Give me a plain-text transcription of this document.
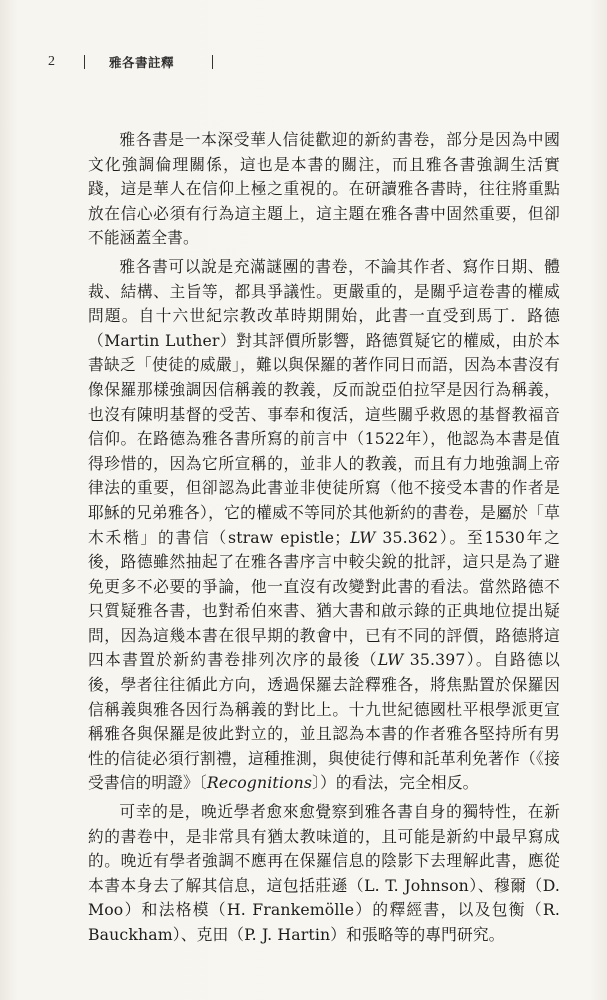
2	雅各書註釋

雅各書是一本深受華人信徒歡迎的新約書卷，部分是因為中國文化強調倫理關係，這也是本書的關注，而且雅各書強調生活實踐，這是華人在信仰上極之重視的。在研讀雅各書時，往往將重點放在信心必須有行為這主題上，這主題在雅各書中固然重要，但卻不能涵蓋全書。

雅各書可以說是充滿謎團的書卷，不論其作者、寫作日期、體裁、結構、主旨等，都具爭議性。更嚴重的，是關乎這卷書的權威問題。自十六世紀宗教改革時期開始，此書一直受到馬丁．路德（Martin Luther）對其評價所影響，路德質疑它的權威，由於本書缺乏「使徒的威嚴」，難以與保羅的著作同日而語，因為本書沒有像保羅那樣強調因信稱義的教義，反而說亞伯拉罕是因行為稱義，也沒有陳明基督的受苦、事奉和復活，這些關乎救恩的基督教福音信仰。在路德為雅各書所寫的前言中（1522年），他認為本書是值得珍惜的，因為它所宣稱的，並非人的教義，而且有力地強調上帝律法的重要，但卻認為此書並非使徒所寫（他不接受本書的作者是耶穌的兄弟雅各），它的權威不等同於其他新約的書卷，是屬於「草木禾楷」的書信（straw epistle；LW 35.362）。至1530年之後，路德雖然抽起了在雅各書序言中較尖銳的批評，這只是為了避免更多不必要的爭論，他一直沒有改變對此書的看法。當然路德不只質疑雅各書，也對希伯來書、猶大書和啟示錄的正典地位提出疑問，因為這幾本書在很早期的教會中，已有不同的評價，路德將這四本書置於新約書卷排列次序的最後（LW 35.397）。自路德以後，學者往往循此方向，透過保羅去詮釋雅各，將焦點置於保羅因信稱義與雅各因行為稱義的對比上。十九世紀德國杜平根學派更宣稱雅各與保羅是彼此對立的，並且認為本書的作者雅各堅持所有男性的信徒必須行割禮，這種推測，與使徒行傳和託革利免著作（《接受書信的明證》〔Recognitions〕）的看法，完全相反。

可幸的是，晚近學者愈來愈覺察到雅各書自身的獨特性，在新約的書卷中，是非常具有猶太教味道的，且可能是新約中最早寫成的。晚近有學者強調不應再在保羅信息的陰影下去理解此書，應從本書本身去了解其信息，這包括莊遜（L. T. Johnson）、穆爾（D. Moo）和法格模（H. Frankemölle）的釋經書，以及包衡（R. Bauckham）、克田（P. J. Hartin）和張略等的專門研究。
